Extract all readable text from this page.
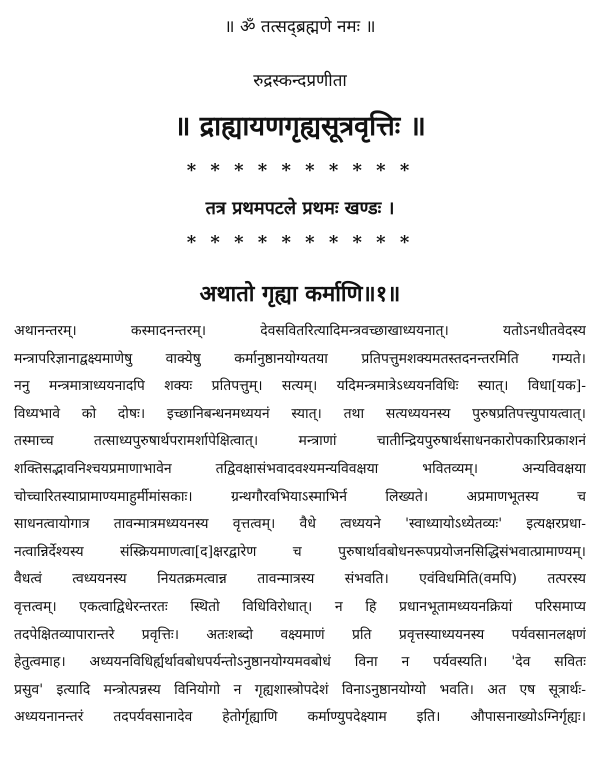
॥ ॐ तत्सद्ब्रह्मणे नमः ॥
रुद्रस्कन्दप्रणीता
॥ द्राह्यायणगृह्यसूत्रवृत्तिः ॥
* * * * * * * * * *
तत्र प्रथमपटले प्रथमः खण्डः ।
* * * * * * * * * *
अथातो गृह्या कर्माणि॥१॥
अथानन्तरम्। कस्मादनन्तरम्। देवसवितरित्यादिमन्त्रवच्छाखाध्ययनात्। यतोऽनधीतवेदस्य
मन्त्रापरिज्ञानाद्वक्ष्यमाणेषु वाक्येषु कर्मानुष्ठानयोग्यतया प्रतिपत्तुमशक्यमतस्तदनन्तरमिति गम्यते।
ननु मन्त्रमात्राध्ययनादपि शक्यः प्रतिपत्तुम्। सत्यम्। यदिमन्त्रमात्रेऽध्ययनविधिः स्यात्। विधा[यक]-
विध्यभावे को दोषः। इच्छानिबन्धनमध्ययनं स्यात्। तथा सत्यध्ययनस्य पुरुषप्रतिपत्त्युपायत्वात्।
तस्माच्च तत्साध्यपुरुषार्थपरामर्शापेक्षित्वात्। मन्त्राणां चातीन्द्रियपुरुषार्थसाधनकारोपकारिप्रकाशनं
शक्तिसद्भावनिश्चयप्रमाणाभावेन तद्विवक्षासंभवादवश्यमन्यविवक्षया भवितव्यम्। अन्यविवक्षया
चोच्चारितस्याप्रामाण्यमाहुर्मीमांसकाः। ग्रन्थगौरवभियाऽस्माभिर्न लिख्यते। अप्रमाणभूतस्य च
साधनत्वायोगात्र तावन्मात्रमध्ययनस्य वृत्तत्वम्। वैधे त्वध्ययने 'स्वाध्यायोऽध्येतव्यः' इत्यक्षरप्रधा-
नत्वान्निर्देश्यस्य संस्क्रियमाणत्वा[द]क्षरद्वारेण च पुरुषार्थावबोधनरूपप्रयोजनसिद्धिसंभवात्प्रामाण्यम्।
वैधत्वं त्वध्ययनस्य नियतक्रमत्वान्न तावन्मात्रस्य संभवति। एवंविधमिति(वमपि) तत्परस्य
वृत्तत्वम्। एकत्वाद्विधेरन्तरतः स्थितो विधिविरोधात्। न हि प्रधानभूतामध्ययनक्रियां परिसमाप्य
तदपेक्षितव्यापारान्तरे प्रवृत्तिः। अतःशब्दो वक्ष्यमाणं प्रति प्रवृत्तस्याध्ययनस्य पर्यवसानलक्षणं
हेतुत्वमाह। अध्ययनविधिर्ह्यर्थावबोधपर्यन्तोऽनुष्ठानयोग्यमवबोधं विना न पर्यवस्यति। 'देव सवितः
प्रसुव' इत्यादि मन्त्रोत्पन्नस्य विनियोगो न गृह्यशास्त्रोपदेशं विनाऽनुष्ठानयोग्यो भवति। अत एष सूत्रार्थः-
अध्ययनानन्तरं तदपर्यवसानादेव हेतोर्गृह्याणि कर्माण्युपदेक्ष्याम इति। औपासनाख्योऽग्निर्गृह्यः।
